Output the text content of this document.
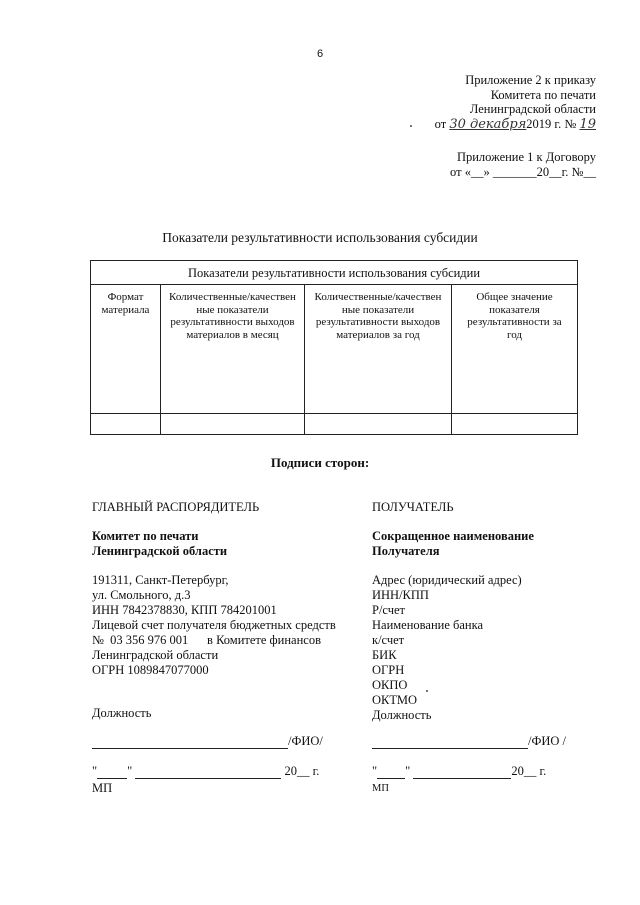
6
Приложение 2 к приказу
Комитета по печати
Ленинградской области
от 30 декабря2019 г. № 19
Приложение 1 к Договору
от «__» _______20__г. №__
Показатели результативности использования субсидии
Показатели результативности использования субсидии
Формат материала
Количественные/качествен ные показатели результативности выходов материалов в месяц
Количественные/качествен ные показатели результативности выходов материалов за год
Общее значение показателя результативности за год
Подписи сторон:
ГЛАВНЫЙ РАСПОРЯДИТЕЛЬ
Комитет по печати
Ленинградской области
191311, Санкт-Петербург,
ул. Смольного, д.3
ИНН 7842378830, КПП 784201001
Лицевой счет получателя бюджетных средств
№  03 356 976 001      в Комитете финансов
Ленинградской области
ОГРН 1089847077000
Должность
/ФИО/
" "	20__ г.
МП
ПОЛУЧАТЕЛЬ
Сокращенное наименование
Получателя
Адрес (юридический адрес)
ИНН/КПП
Р/счет
Наименование банка
к/счет
БИК
ОГРН
ОКПО
ОКТМО
Должность
/ФИО /
" "	20__ г.
МП
